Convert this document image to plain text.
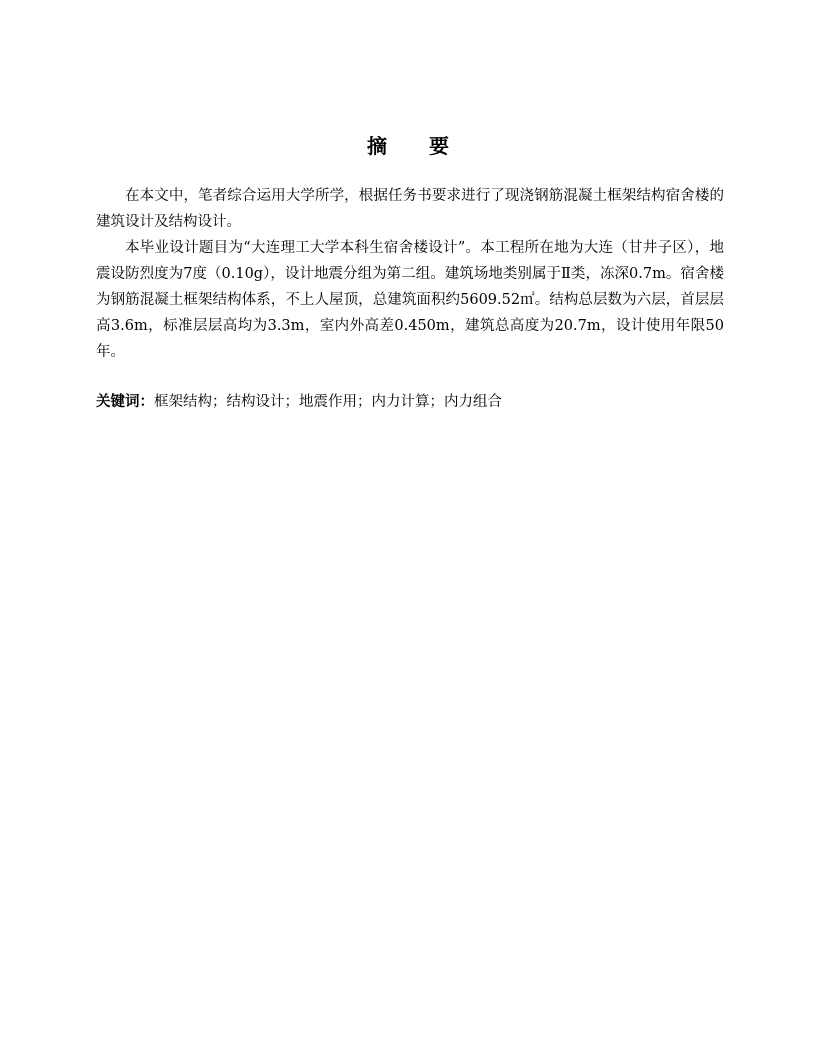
摘 要

在本文中，笔者综合运用大学所学，根据任务书要求进行了现浇钢筋混凝土框架结构宿舍楼的建筑设计及结构设计。

本毕业设计题目为“大连理工大学本科生宿舍楼设计”。本工程所在地为大连（甘井子区），地震设防烈度为7度（0.10g），设计地震分组为第二组。建筑场地类别属于Ⅱ类，冻深0.7m。宿舍楼为钢筋混凝土框架结构体系，不上人屋顶，总建筑面积约5609.52㎡。结构总层数为六层，首层层高3.6m，标准层层高均为3.3m，室内外高差0.450m，建筑总高度为20.7m，设计使用年限50年。

关键词：框架结构；结构设计；地震作用；内力计算；内力组合
